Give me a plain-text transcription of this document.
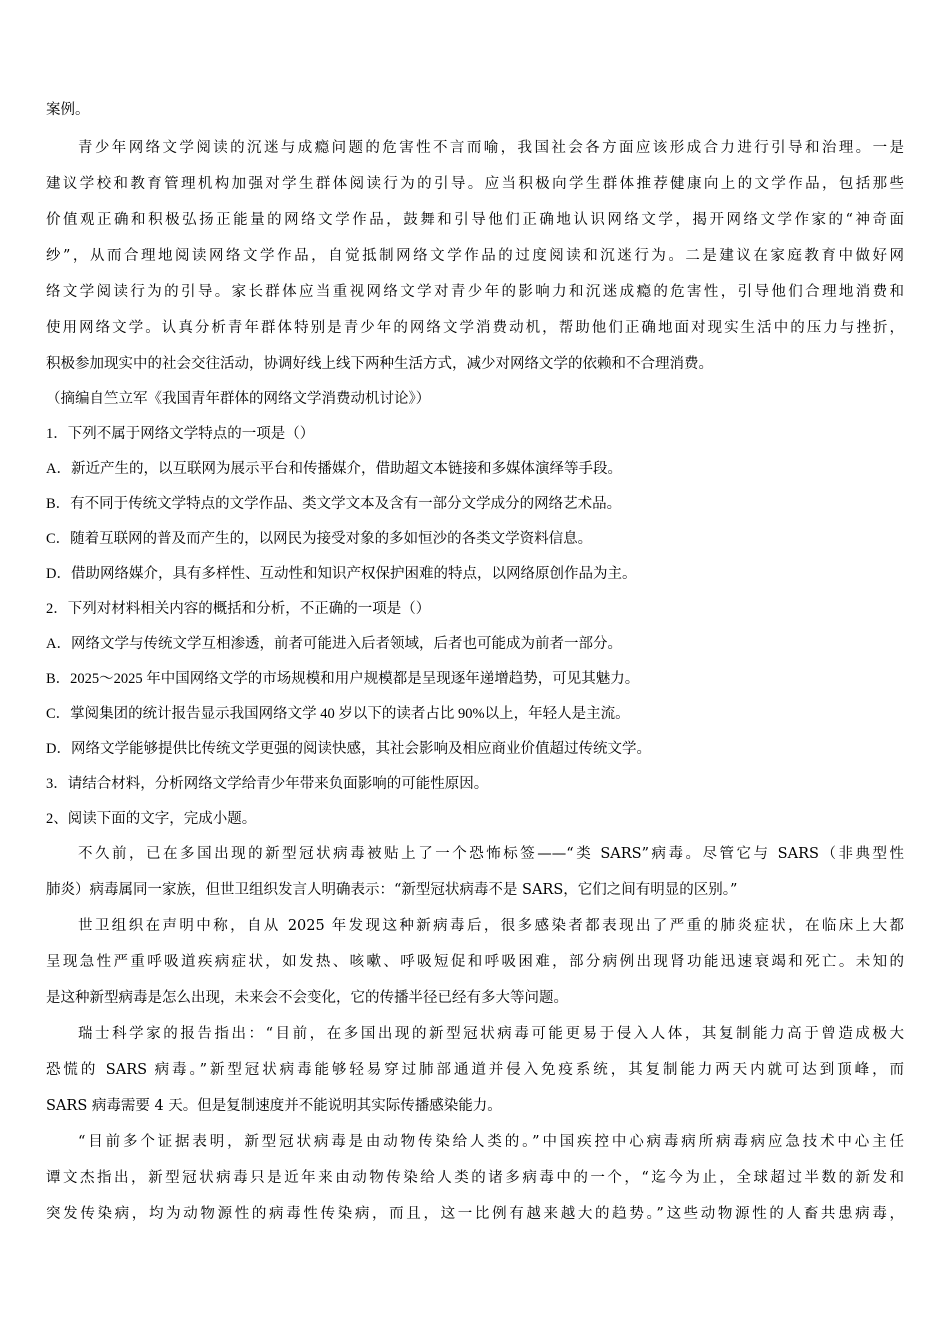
案例。
青少年网络文学阅读的沉迷与成瘾问题的危害性不言而喻，我国社会各方面应该形成合力进行引导和治理。一是
建议学校和教育管理机构加强对学生群体阅读行为的引导。应当积极向学生群体推荐健康向上的文学作品，包括那些
价值观正确和积极弘扬正能量的网络文学作品，鼓舞和引导他们正确地认识网络文学，揭开网络文学作家的“神奇面
纱”，从而合理地阅读网络文学作品，自觉抵制网络文学作品的过度阅读和沉迷行为。二是建议在家庭教育中做好网
络文学阅读行为的引导。家长群体应当重视网络文学对青少年的影响力和沉迷成瘾的危害性，引导他们合理地消费和
使用网络文学。认真分析青年群体特别是青少年的网络文学消费动机，帮助他们正确地面对现实生活中的压力与挫折，
积极参加现实中的社会交往活动，协调好线上线下两种生活方式，减少对网络文学的依赖和不合理消费。
（摘编自竺立军《我国青年群体的网络文学消费动机讨论》）
1．下列不属于网络文学特点的一项是（）
A．新近产生的，以互联网为展示平台和传播媒介，借助超文本链接和多媒体演绎等手段。
B．有不同于传统文学特点的文学作品、类文学文本及含有一部分文学成分的网络艺术品。
C．随着互联网的普及而产生的，以网民为接受对象的多如恒沙的各类文学资料信息。
D．借助网络媒介，具有多样性、互动性和知识产权保护困难的特点，以网络原创作品为主。
2．下列对材料相关内容的概括和分析，不正确的一项是（）
A．网络文学与传统文学互相渗透，前者可能进入后者领域，后者也可能成为前者一部分。
B．2025～2025 年中国网络文学的市场规模和用户规模都是呈现逐年递增趋势，可见其魅力。
C．掌阅集团的统计报告显示我国网络文学 40 岁以下的读者占比 90%以上，年轻人是主流。
D．网络文学能够提供比传统文学更强的阅读快感，其社会影响及相应商业价值超过传统文学。
3．请结合材料，分析网络文学给青少年带来负面影响的可能性原因。
2、阅读下面的文字，完成小题。
不久前，已在多国出现的新型冠状病毒被贴上了一个恐怖标签——“类 SARS”病毒。尽管它与 SARS（非典型性
肺炎）病毒属同一家族，但世卫组织发言人明确表示：“新型冠状病毒不是 SARS，它们之间有明显的区别。”
世卫组织在声明中称，自从 2025 年发现这种新病毒后，很多感染者都表现出了严重的肺炎症状，在临床上大都
呈现急性严重呼吸道疾病症状，如发热、咳嗽、呼吸短促和呼吸困难，部分病例出现肾功能迅速衰竭和死亡。未知的
是这种新型病毒是怎么出现，未来会不会变化，它的传播半径已经有多大等问题。
瑞士科学家的报告指出：“目前，在多国出现的新型冠状病毒可能更易于侵入人体，其复制能力高于曾造成极大
恐慌的 SARS 病毒。”新型冠状病毒能够轻易穿过肺部通道并侵入免疫系统，其复制能力两天内就可达到顶峰，而
SARS 病毒需要 4 天。但是复制速度并不能说明其实际传播感染能力。
“目前多个证据表明，新型冠状病毒是由动物传染给人类的。”中国疾控中心病毒病所病毒病应急技术中心主任
谭文杰指出，新型冠状病毒只是近年来由动物传染给人类的诸多病毒中的一个，“迄今为止，全球超过半数的新发和
突发传染病，均为动物源性的病毒性传染病，而且，这一比例有越来越大的趋势。”这些动物源性的人畜共患病毒，
